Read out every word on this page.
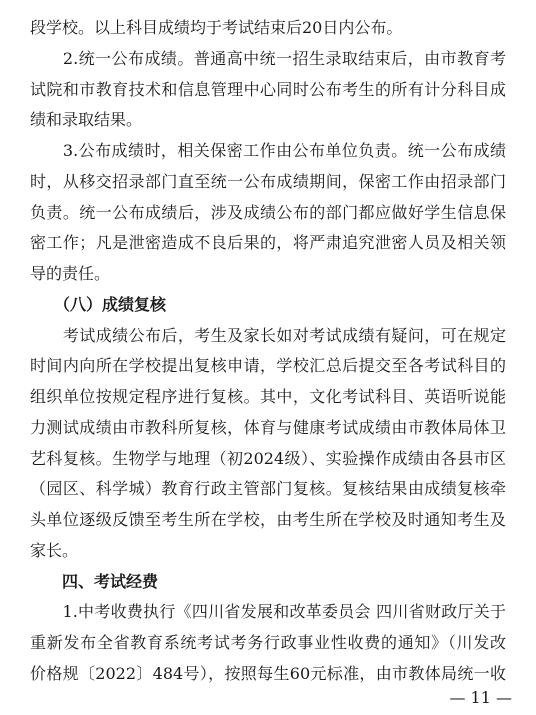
段学校。以上科目成绩均于考试结束后20日内公布。
　　2.统一公布成绩。普通高中统一招生录取结束后，由市教育考
试院和市教育技术和信息管理中心同时公布考生的所有计分科目成
绩和录取结果。
　　3.公布成绩时，相关保密工作由公布单位负责。统一公布成绩
时，从移交招录部门直至统一公布成绩期间，保密工作由招录部门
负责。统一公布成绩后，涉及成绩公布的部门都应做好学生信息保
密工作；凡是泄密造成不良后果的，将严肃追究泄密人员及相关领
导的责任。
　　（八）成绩复核
　　考试成绩公布后，考生及家长如对考试成绩有疑问，可在规定
时间内向所在学校提出复核申请，学校汇总后提交至各考试科目的
组织单位按规定程序进行复核。其中，文化考试科目、英语听说能
力测试成绩由市教科所复核，体育与健康考试成绩由市教体局体卫
艺科复核。生物学与地理（初2024级）、实验操作成绩由各县市区
（园区、科学城）教育行政主管部门复核。复核结果由成绩复核牵
头单位逐级反馈至考生所在学校，由考生所在学校及时通知考生及
家长。
　　四、考试经费
　　1.中考收费执行《四川省发展和改革委员会 四川省财政厅关于
重新发布全省教育系统考试考务行政事业性收费的通知》（川发改
价格规〔2022〕484号），按照每生60元标准，由市教体局统一收
— 11 —
